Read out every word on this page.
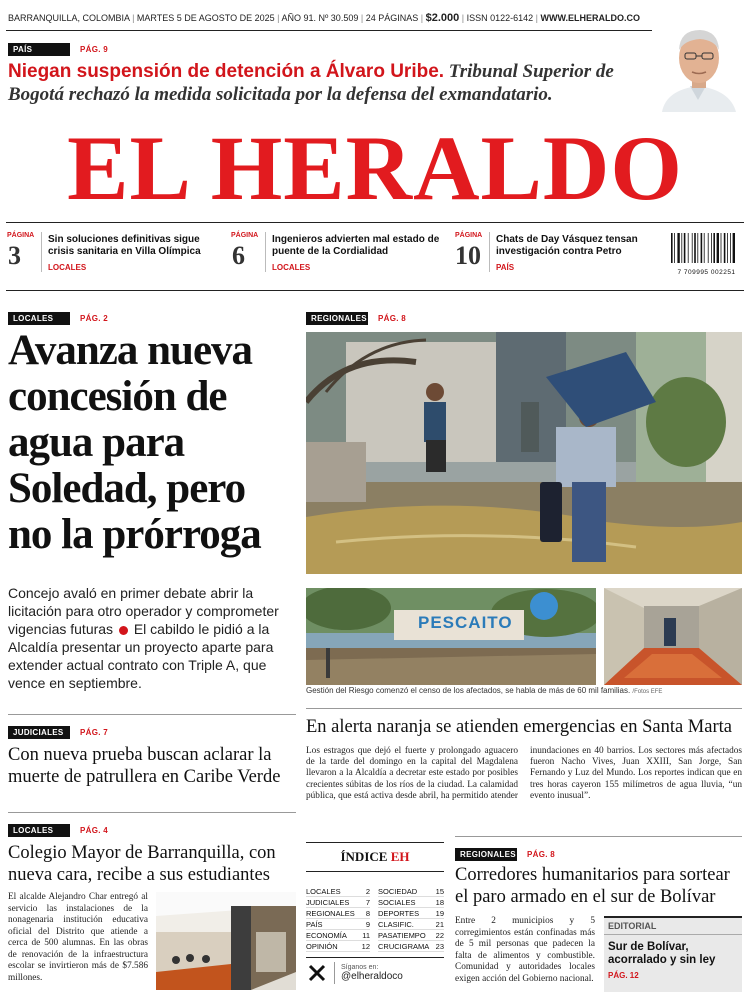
BARRANQUILLA, COLOMBIA | MARTES 5 DE AGOSTO DE 2025 | AÑO 91. Nº 30.509 | 24 PÁGINAS | $2.000 | ISSN 0122-6142 | WWW.ELHERALDO.CO
PAÍS	PÁG. 9
Niegan suspensión de detención a Álvaro Uribe. Tribunal Superior de Bogotá rechazó la medida solicitada por la defensa del exmandatario.
EL HERALDO
PÁGINA
3
Sin soluciones definitivas sigue crisis sanitaria en Villa Olímpica
LOCALES
PÁGINA
6
Ingenieros advierten mal estado de puente de la Cordialidad
LOCALES
PÁGINA
10
Chats de Day Vásquez tensan investigación contra Petro
PAÍS
7 709995 002251
LOCALES	PÁG. 2
Avanza nueva concesión de agua para Soledad, pero no la prórroga
Concejo avaló en primer debate abrir la licitación para otro operador y comprometer vigencias futuras El cabildo le pidió a la Alcaldía presentar un proyecto aparte para extender actual contrato con Triple A, que vence en septiembre.
REGIONALES PÁG. 8
PESCAITO
Gestión del Riesgo comenzó el censo de los afectados, se habla de más de 60 mil familias. /Fotos EFE
En alerta naranja se atienden emergencias en Santa Marta
Los estragos que dejó el fuerte y prolongado aguacero de la tarde del domingo en la capital del Magdalena llevaron a la Alcaldía a decretar este estado por posibles crecientes súbitas de los ríos de la ciudad. La calamidad pública, que está activa desde abril, ha permitido atender inundaciones en 40 barrios. Los sectores más afectados fueron Nacho Vives, Juan XXIII, San Jorge, San Fernando y Luz del Mundo. Los reportes indican que en tres horas cayeron 155 milímetros de agua lluvia, “un evento inusual”.
JUDICIALES PÁG. 7
Con nueva prueba buscan aclarar la muerte de patrullera en Caribe Verde
LOCALES	PÁG. 4
Colegio Mayor de Barranquilla, con nueva cara, recibe a sus estudiantes
El alcalde Alejandro Char entregó al servicio las instalaciones de la nonagenaria institución educativa oficial del Distrito que atiende a cerca de 500 alumnas. En las obras de renovación de la infraestructura escolar se invirtieron más de $7.586 millones.
ÍNDICE EH
LOCALES	2
JUDICIALES 7
REGIONALES 8
PAÍS	9
ECONOMÍA 11
OPINIÓN	12
SOCIEDAD 15
SOCIALES	18
DEPORTES 19
CLASIFIC.	21
PASATIEMPO 22
CRUCIGRAMA 23
Síganos en:
@elheraldoco
REGIONALES PÁG. 8
Corredores humanitarios para sortear el paro armado en el sur de Bolívar
Entre 2 municipios y 5 corregimientos están confinadas más de 5 mil personas que padecen la falta de alimentos y combustible. Comunidad y autoridades locales exigen acción del Gobierno nacional.
EDITORIAL
Sur de Bolívar, acorralado y sin ley
PÁG. 12
